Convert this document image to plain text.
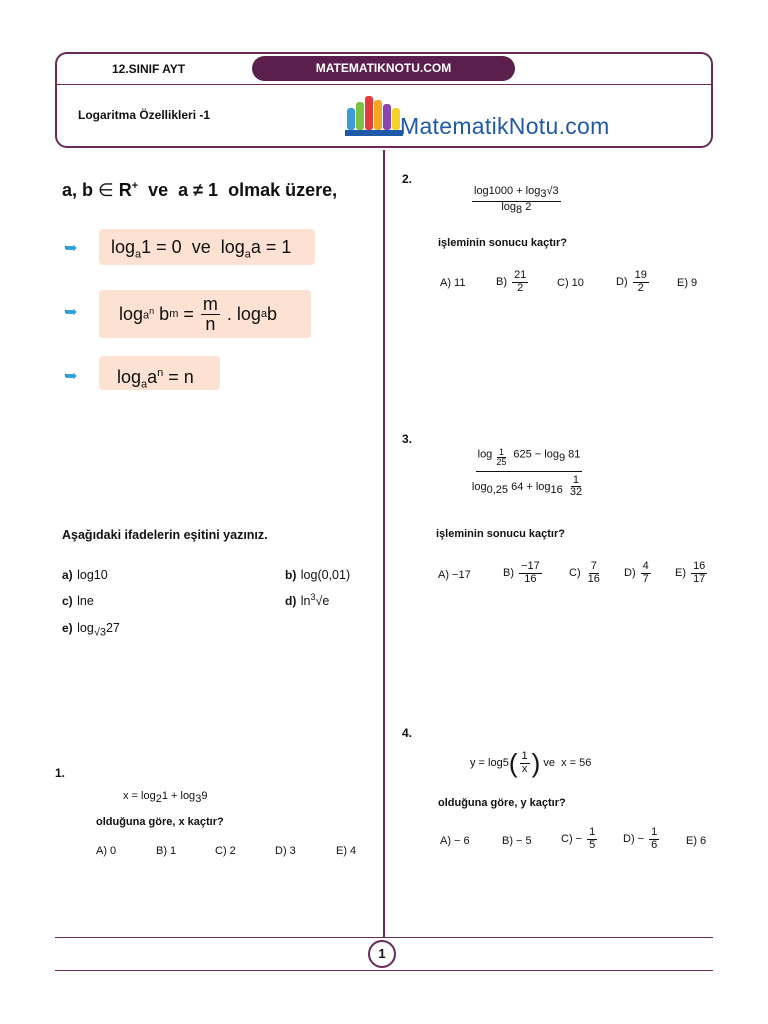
12.SINIF AYT	MATEMATIKNOTU.COM
Logaritma Özellikleri -1	MatematikNotu.com
a, b ∈ R+  ve  a ≠ 1  olmak üzere,
➥	$\log_a1 = 0$  ve  $\log_aa = 1$
➥	$\log a^n$ b $m = \frac{m}{n}$ . log a b
➥	$\log_aa^n = n$
Aşağıdaki ifadelerin eşitini yazınız.
a) log10	b) log(0,01)
c) lne	d) $\ln^3√e$
e) $\log_{√3}27$
1.
$x = \log_21 + \log_39$
olduğuna göre, x kaçtır?
A) 0	B) 1	C) 2	D) 3	E) 4
2.
$\frac{\log 1000 + \log_3√3}{\log_8 2}$
işleminin sonucu kaçtır?
A) 11	$B) \frac{21}{2}$	C) 10	$D) \frac{19}{2}$	E) 9
3.
log $_{\frac{1}{25}}$ $625 - \log_9 81$
$\log_{0,25} 64 + \log_{16} \frac{1}{32}$
işleminin sonucu kaçtır?
A) −17	$B) \frac{-17}{16} C) \frac{7}{16} D) \frac{4}{7} E) \frac{16}{17}$
4.
y = log 5 ( $\frac{1}{x}$ ) ve  x = 5 6
olduğuna göre, y kaçtır?
A) − 6	B) − 5	$C) - \frac{1}{5} D) - \frac{1}{6} E$) 6
1
